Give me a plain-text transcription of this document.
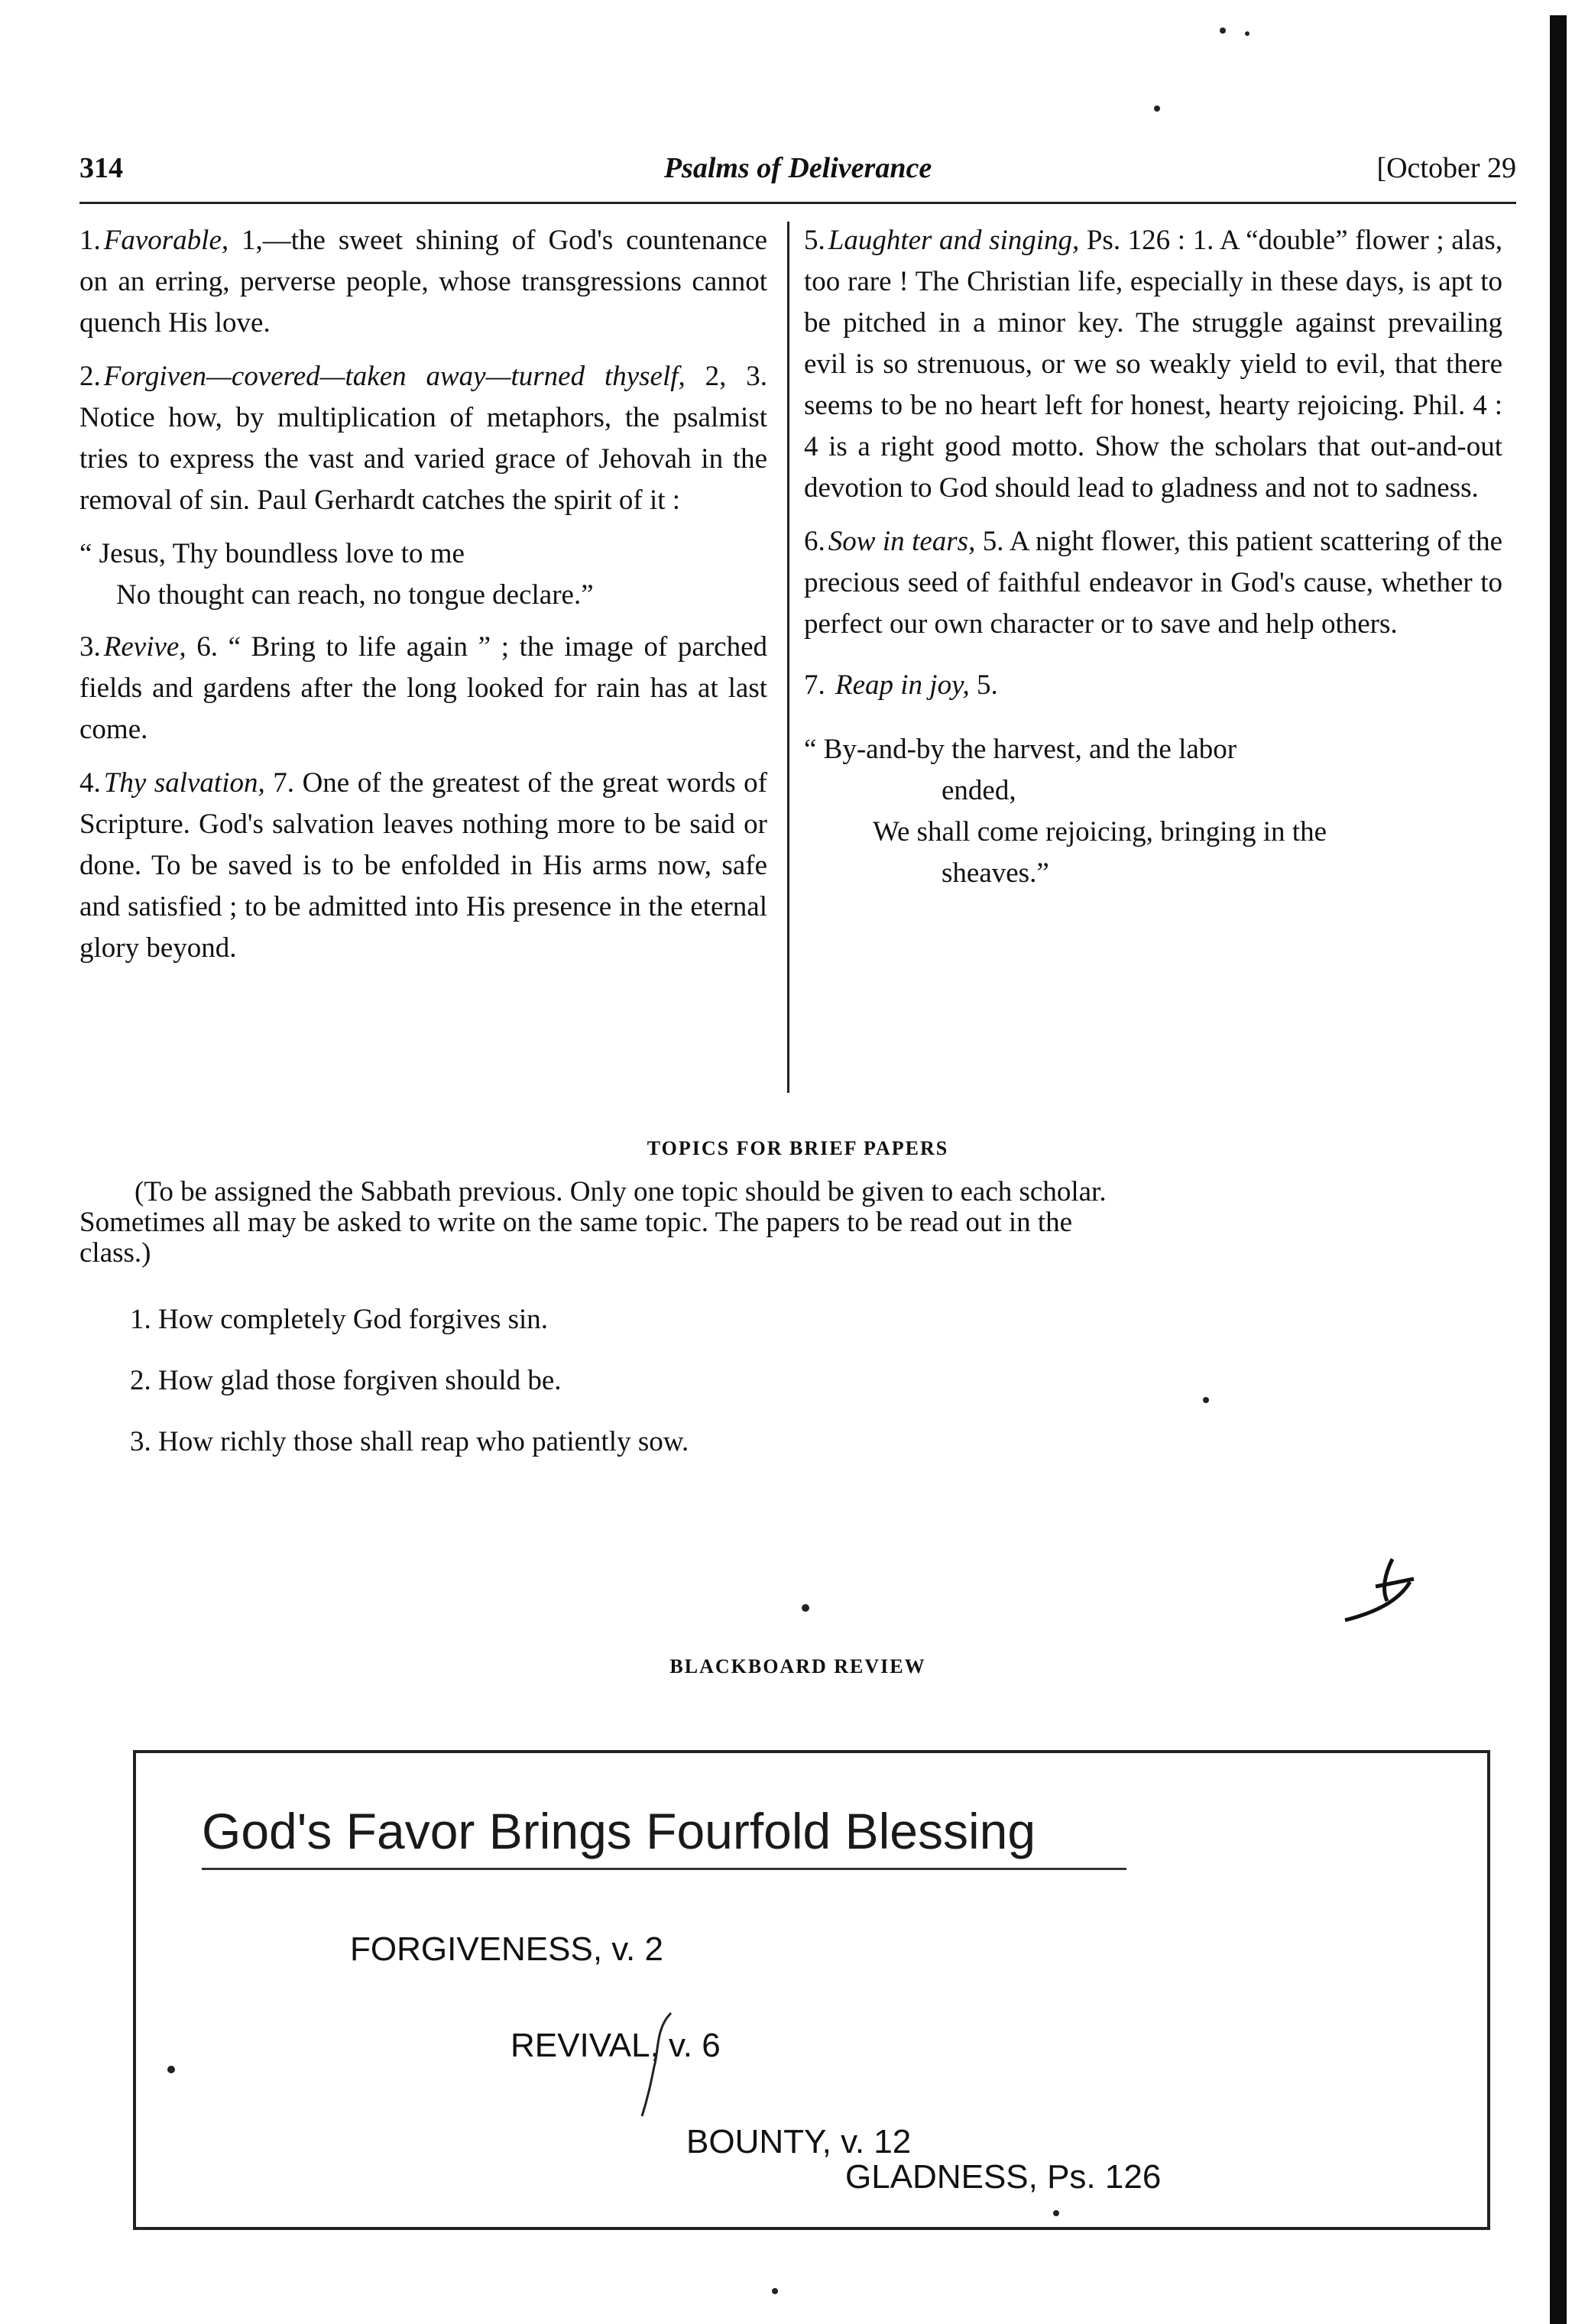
314	Psalms of Deliverance	[October 29

1. Favorable, 1,—the sweet shining of God's countenance on an erring, perverse people, whose transgressions cannot quench His love.

2. Forgiven—covered—taken away—turned thyself, 2, 3. Notice how, by multiplication of metaphors, the psalmist tries to express the vast and varied grace of Jehovah in the removal of sin. Paul Gerhardt catches the spirit of it :

“ Jesus, Thy boundless love to me
No thought can reach, no tongue declare.”

3. Revive, 6. “ Bring to life again ” ; the image of parched fields and gardens after the long looked for rain has at last come.

4. Thy salvation, 7. One of the greatest of the great words of Scripture. God's salvation leaves nothing more to be said or done. To be saved is to be enfolded in His arms now, safe and satisfied ; to be admitted into His presence in the eternal glory beyond.

5. Laughter and singing, Ps. 126 : 1. A “double” flower ; alas, too rare ! The Christian life, especially in these days, is apt to be pitched in a minor key. The struggle against prevailing evil is so strenuous, or we so weakly yield to evil, that there seems to be no heart left for honest, hearty rejoicing. Phil. 4 : 4 is a right good motto. Show the scholars that out-and-out devotion to God should lead to gladness and not to sadness.

6. Sow in tears, 5. A night flower, this patient scattering of the precious seed of faithful endeavor in God's cause, whether to perfect our own character or to save and help others.

7. Reap in joy, 5.

“ By-and-by the harvest, and the labor
ended,
We shall come rejoicing, bringing in the
sheaves.”
TOPICS FOR BRIEF PAPERS
(To be assigned the Sabbath previous. Only one topic should be given to each scholar.
Sometimes all may be asked to write on the same topic. The papers to be read out in the
class.)
1. How completely God forgives sin.
2. How glad those forgiven should be.
3. How richly those shall reap who patiently sow.
BLACKBOARD REVIEW
God's Favor Brings Fourfold Blessing
FORGIVENESS, v. 2
REVIVAL, v. 6
BOUNTY, v. 12
GLADNESS, Ps. 126
